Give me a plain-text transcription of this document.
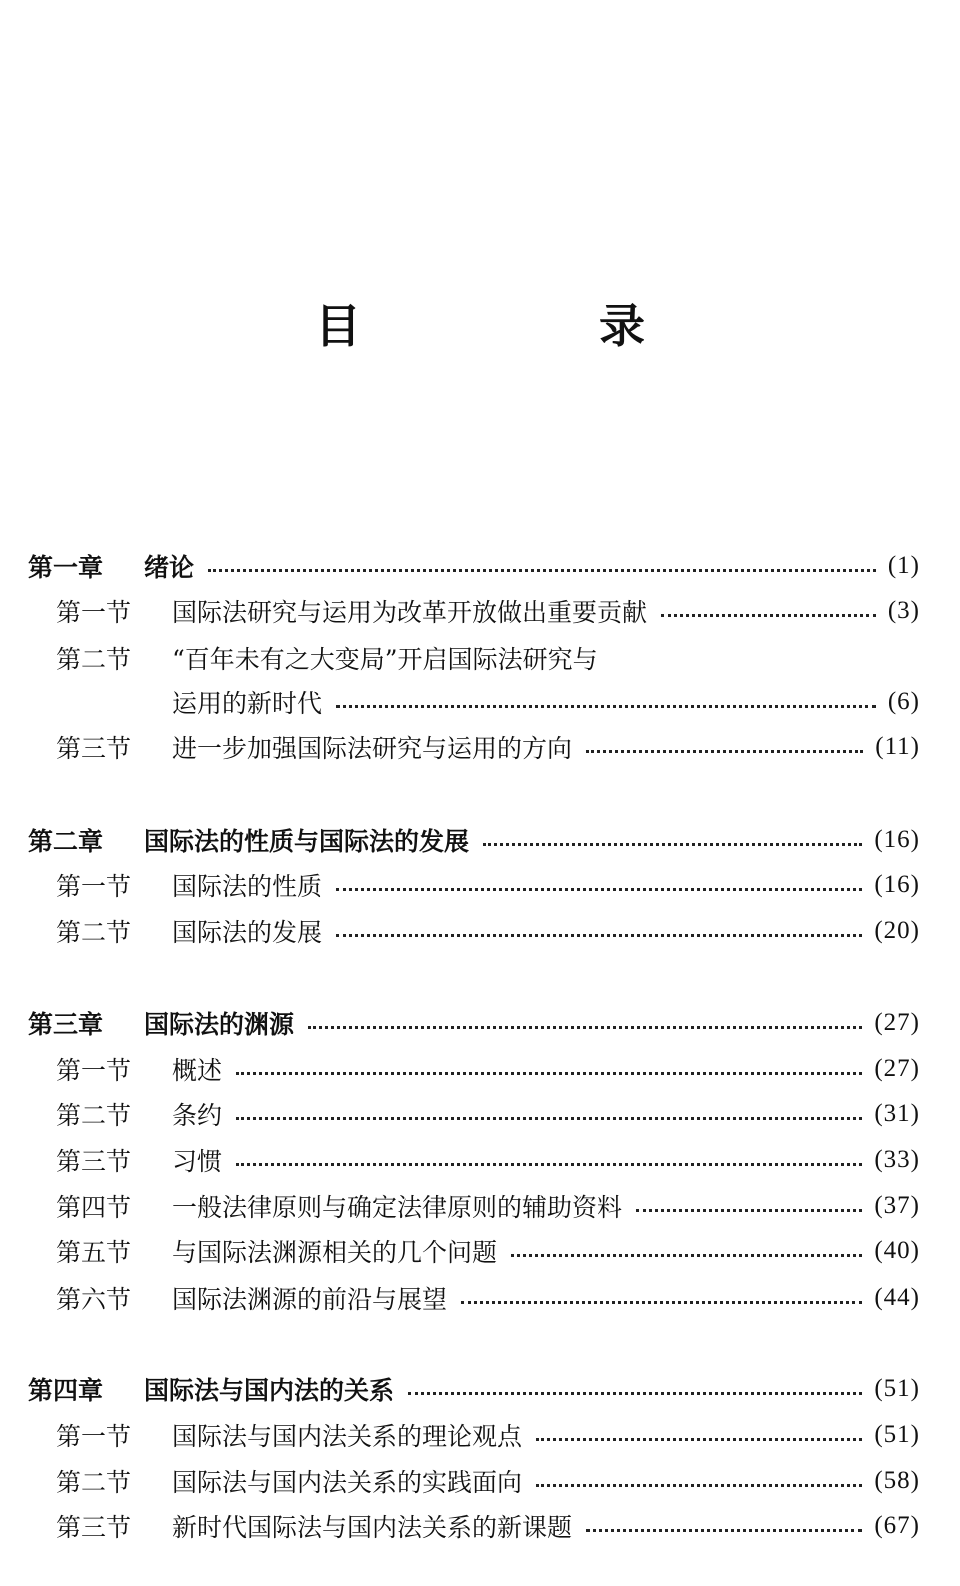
目　录
第一章	绪论	(1)
第一节	国际法研究与运用为改革开放做出重要贡献	(3)
第二节	“百年未有之大变局”开启国际法研究与
运用的新时代	(6)
第三节	进一步加强国际法研究与运用的方向	(11)
第二章	国际法的性质与国际法的发展	(16)
第一节	国际法的性质	(16)
第二节	国际法的发展	(20)
第三章	国际法的渊源	(27)
第一节	概述	(27)
第二节	条约	(31)
第三节	习惯	(33)
第四节	一般法律原则与确定法律原则的辅助资料	(37)
第五节	与国际法渊源相关的几个问题	(40)
第六节	国际法渊源的前沿与展望	(44)
第四章	国际法与国内法的关系	(51)
第一节	国际法与国内法关系的理论观点	(51)
第二节	国际法与国内法关系的实践面向	(58)
第三节	新时代国际法与国内法关系的新课题	(67)
